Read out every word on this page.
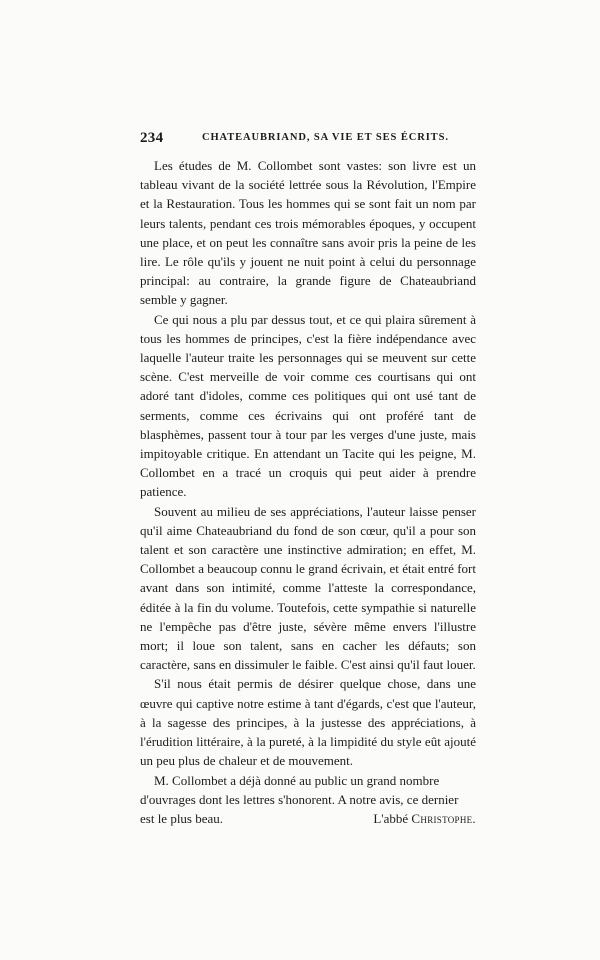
234	CHATEAUBRIAND, SA VIE ET SES ÉCRITS.

Les études de M. Collombet sont vastes: son livre est un tableau vivant de la société lettrée sous la Révolution, l'Empire et la Restauration. Tous les hommes qui se sont fait un nom par leurs talents, pendant ces trois mémorables époques, y occupent une place, et on peut les connaître sans avoir pris la peine de les lire. Le rôle qu'ils y jouent ne nuit point à celui du personnage principal: au contraire, la grande figure de Chateaubriand semble y gagner.

Ce qui nous a plu par dessus tout, et ce qui plaira sûrement à tous les hommes de principes, c'est la fière indépendance avec laquelle l'auteur traite les personnages qui se meuvent sur cette scène. C'est merveille de voir comme ces courtisans qui ont adoré tant d'idoles, comme ces politiques qui ont usé tant de serments, comme ces écrivains qui ont proféré tant de blasphèmes, passent tour à tour par les verges d'une juste, mais impitoyable critique. En attendant un Tacite qui les peigne, M. Collombet en a tracé un croquis qui peut aider à prendre patience.

Souvent au milieu de ses appréciations, l'auteur laisse penser qu'il aime Chateaubriand du fond de son cœur, qu'il a pour son talent et son caractère une instinctive admiration; en effet, M. Collombet a beaucoup connu le grand écrivain, et était entré fort avant dans son intimité, comme l'atteste la correspondance, éditée à la fin du volume. Toutefois, cette sympathie si naturelle ne l'empêche pas d'être juste, sévère même envers l'illustre mort; il loue son talent, sans en cacher les défauts; son caractère, sans en dissimuler le faible. C'est ainsi qu'il faut louer.

S'il nous était permis de désirer quelque chose, dans une œuvre qui captive notre estime à tant d'égards, c'est que l'auteur, à la sagesse des principes, à la justesse des appréciations, à l'érudition littéraire, à la pureté, à la limpidité du style eût ajouté un peu plus de chaleur et de mouvement.

M. Collombet a déjà donné au public un grand nombre d'ouvrages dont les lettres s'honorent. A notre avis, ce dernier est le plus beau.	L'abbé Christophe.
